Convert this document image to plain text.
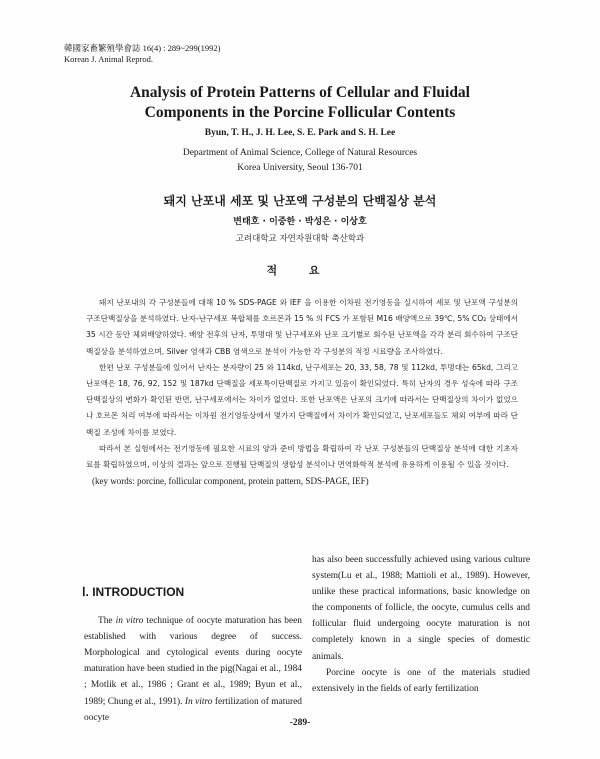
韓國家畜繁殖學會誌 16(4) : 289~299(1992)
Korean J. Animal Reprod.
Analysis of Protein Patterns of Cellular and Fluidal
Components in the Porcine Follicular Contents
Byun, T. H., J. H. Lee, S. E. Park and S. H. Lee
Department of Animal Science, College of Natural Resources
Korea University, Seoul 136-701
돼지 난포내 세포 및 난포액 구성분의 단백질상 분석
변태호 · 이중한 · 박성은 · 이상호
고려대학교 자연자원대학 축산학과
적 요

돼지 난포내의 각 구성분들에 대해 10 % SDS-PAGE 와 IEF 을 이용한 이차원 전기영동을 실시하여 세포 및 난포액 구성분의 구조단백질상을 분석하였다. 난자-난구세포 복합체를 호르몬과 15 % 의 FCS 가 포함된 M16 배양액으로 39℃, 5% CO₂ 상태에서 35 시간 동안 체외배양하였다. 배양 전후의 난자, 투명대 및 난구세포와 난포 크기별로 회수된 난포액을 각각 분리 회수하여 구조단백질상을 분석하였으며, Silver 염색과 CBB 염색으로 분석이 가능한 각 구성분의 적정 시료량을 조사하였다.

한편 난포 구성분들에 있어서 난자는 분자량이 25 와 114kd, 난구세포는 20, 33, 58, 78 및 112kd, 투명대는 65kd, 그리고 난포액은 18, 76, 92, 152 및 187kd 단백질을 세포특이단백질로 가지고 있음이 확인되었다. 특히 난자의 경우 성숙에 따라 구조단백질상의 변화가 확인된 반면, 난구세포에서는 차이가 없었다. 또한 난포액은 난포의 크기에 따라서는 단백질상의 차이가 없었으나 호르몬 처리 여부에 따라서는 이차원 전기영동상에서 몇가지 단백질에서 차이가 확인되었고, 난포세포들도 체외 여부에 따라 단백질 조성에 차이를 보였다.

따라서 본 실험에서는 전기영동에 필요한 시료의 양과 준비 방법을 확립하여 각 난포 구성분들의 단백질상 분석에 대한 기초자료를 확립하였으며, 이상의 결과는 앞으로 진행될 단백질의 생합성 분석이나 면역화학적 분석에 유용하게 이용될 수 있을 것이다.

(key words: porcine, follicular component, protein pattern, SDS-PAGE, IEF)

Ⅰ. INTRODUCTION

The in vitro technique of oocyte maturation has been established with various degree of success. Morphological and cytological events during oocyte maturation have been studied in the pig(Nagai et al., 1984 ; Motlik et al., 1986 ; Grant et al., 1989; Byun et al., 1989; Chung et al., 1991). In vitro fertilization of matured oocyte

has also been successfully achieved using various culture system(Lu et al., 1988; Mattioli et al., 1989). However, unlike these practical informations, basic knowledge on the components of follicle, the oocyte, cumulus cells and follicular fluid undergoing oocyte maturation is not completely known in a single species of domestic animals.

Porcine oocyte is one of the materials studied extensively in the fields of early fertilization

-289-
